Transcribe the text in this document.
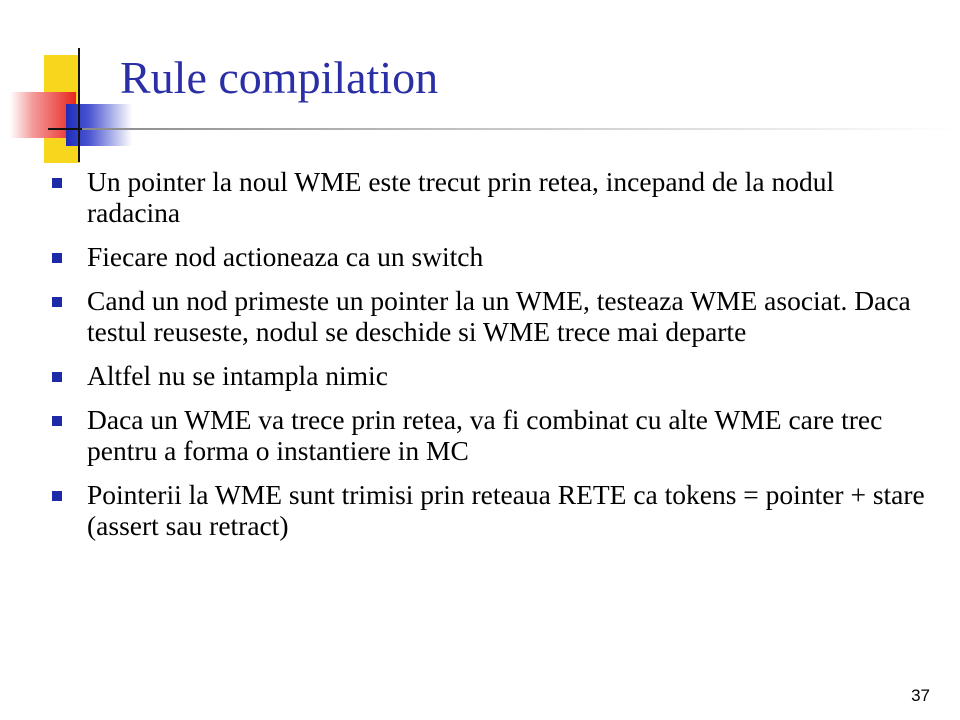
Rule compilation
Un pointer la noul WME este trecut prin retea, incepand de la nodul radacina
Fiecare nod actioneaza ca un switch
Cand un nod primeste un pointer la un WME, testeaza WME asociat. Daca testul reuseste, nodul se deschide si WME trece mai departe
Altfel nu se intampla nimic
Daca un WME va trece prin retea, va fi combinat cu alte WME care trec pentru a forma o instantiere in MC
Pointerii la WME sunt trimisi prin reteaua RETE ca tokens = pointer + stare (assert sau retract)
37
